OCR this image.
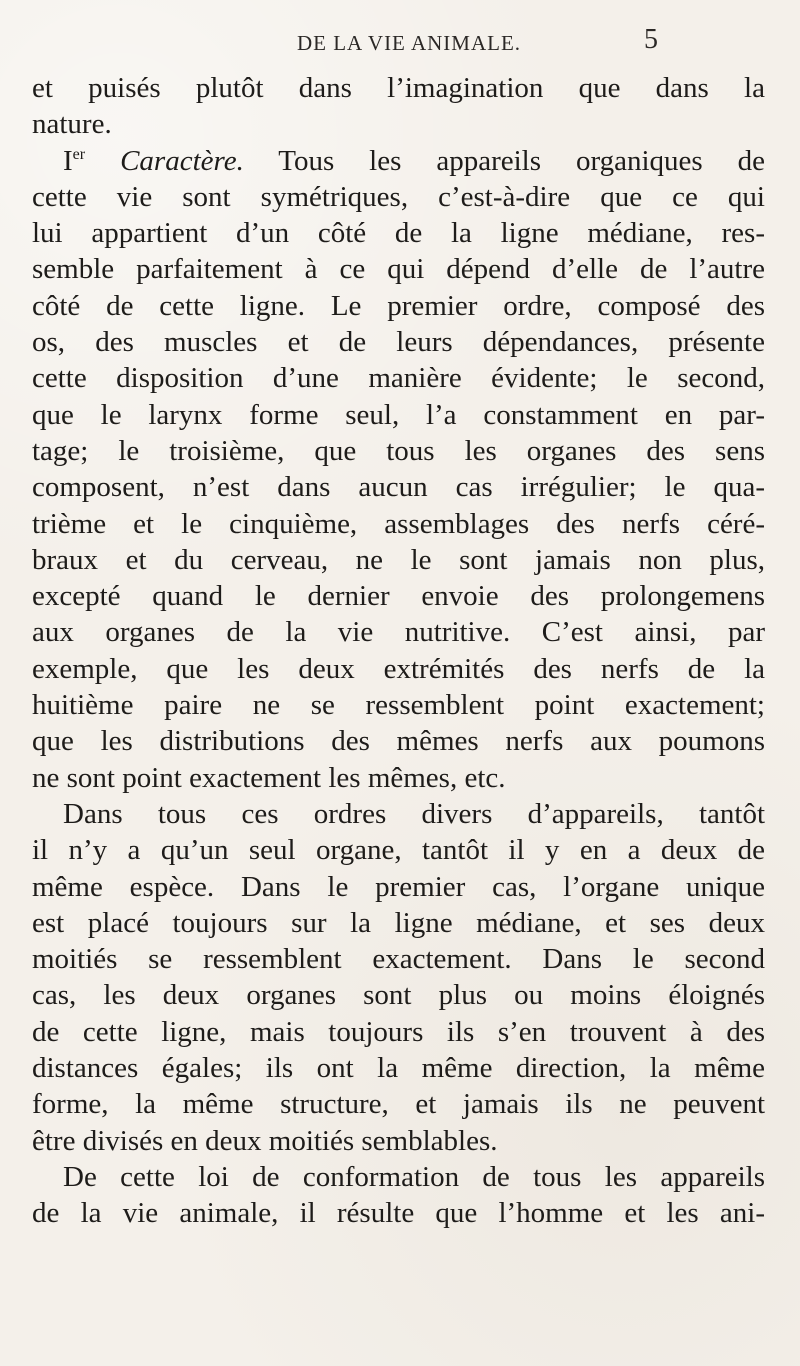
DE LA VIE ANIMALE.	5
et puisés plutôt dans l’imagination que dans la
nature.
Ier Caractère. Tous les appareils organiques de
cette vie sont symétriques, c’est-à-dire que ce qui
lui appartient d’un côté de la ligne médiane, res-
semble parfaitement à ce qui dépend d’elle de l’autre
côté de cette ligne. Le premier ordre, composé des
os, des muscles et de leurs dépendances, présente
cette disposition d’une manière évidente; le second,
que le larynx forme seul, l’a constamment en par-
tage; le troisième, que tous les organes des sens
composent, n’est dans aucun cas irrégulier; le qua-
trième et le cinquième, assemblages des nerfs céré-
braux et du cerveau, ne le sont jamais non plus,
excepté quand le dernier envoie des prolongemens
aux organes de la vie nutritive. C’est ainsi, par
exemple, que les deux extrémités des nerfs de la
huitième paire ne se ressemblent point exactement;
que les distributions des mêmes nerfs aux poumons
ne sont point exactement les mêmes, etc.
Dans tous ces ordres divers d’appareils, tantôt
il n’y a qu’un seul organe, tantôt il y en a deux de
même espèce. Dans le premier cas, l’organe unique
est placé toujours sur la ligne médiane, et ses deux
moitiés se ressemblent exactement. Dans le second
cas, les deux organes sont plus ou moins éloignés
de cette ligne, mais toujours ils s’en trouvent à des
distances égales; ils ont la même direction, la même
forme, la même structure, et jamais ils ne peuvent
être divisés en deux moitiés semblables.
De cette loi de conformation de tous les appareils
de la vie animale, il résulte que l’homme et les ani-
